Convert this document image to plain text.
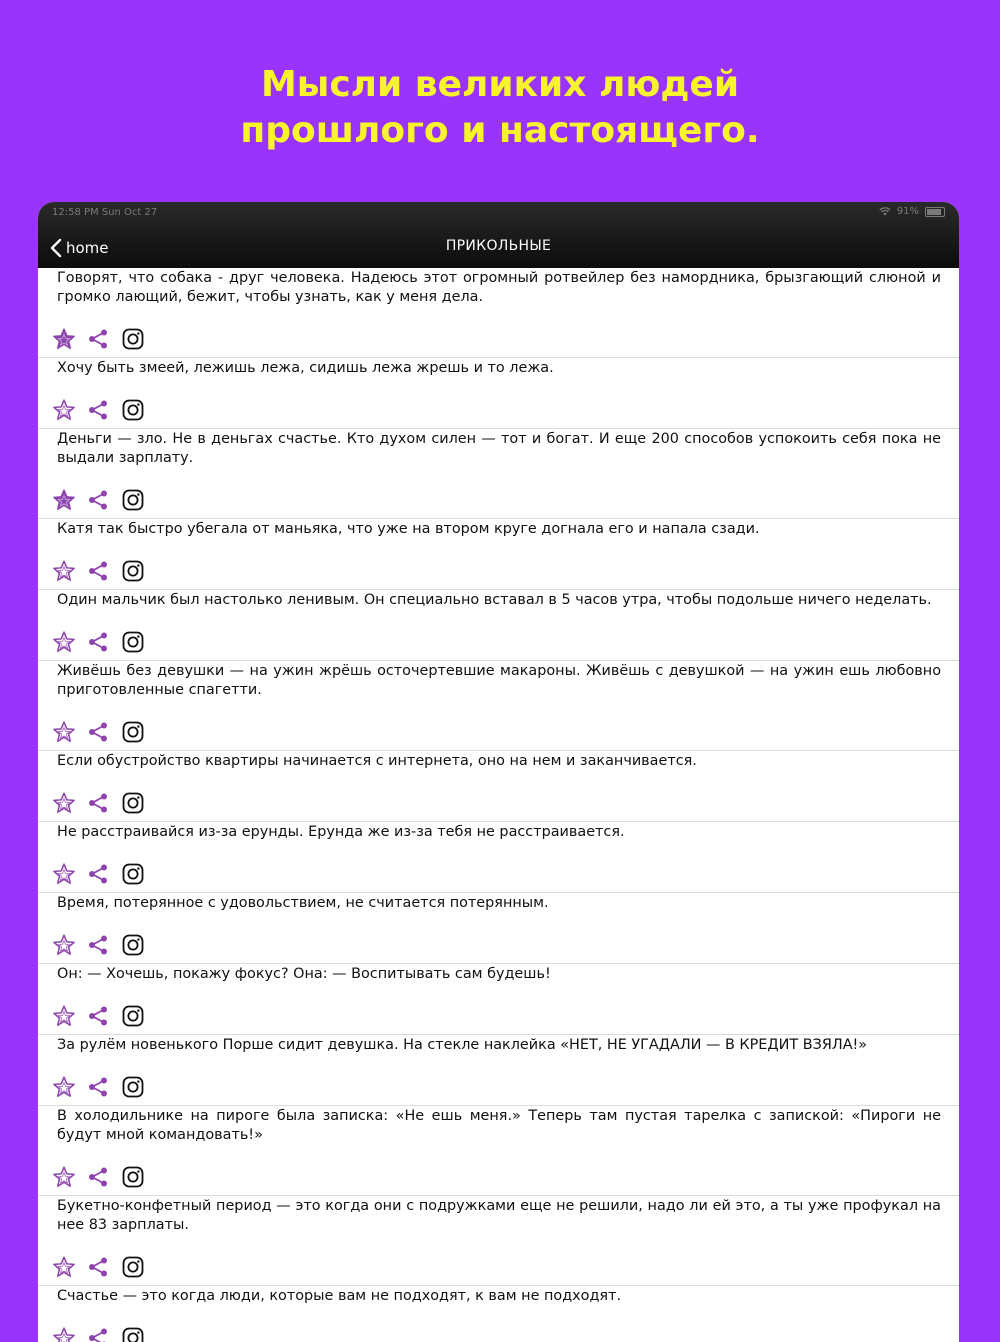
Мысли великих людей
прошлого и настоящего.
12:58 PM Sun Oct 27	91%
home	ПРИКОЛЬНЫЕ
Говорят, что собака - друг человека. Надеюсь этот огромный ротвейлер без намордника, брызгающий слюной и громко лающий, бежит, чтобы узнать, как у меня дела.
Хочу быть змеей, лежишь лежа, сидишь лежа жрешь и то лежа.
Деньги — зло. Не в деньгах счастье. Кто духом силен — тот и богат. И еще 200 способов успокоить себя пока не выдали зарплату.
Катя так быстро убегала от маньяка, что уже на втором круге догнала его и напала сзади.
Один мальчик был настолько ленивым. Он специально вставал в 5 часов утра, чтобы подольше ничего неделать.
Живёшь без девушки — на ужин жрёшь осточертевшие макароны. Живёшь с девушкой — на ужин ешь любовно приготовленные спагетти.
Если обустройство квартиры начинается с интернета, оно на нем и заканчивается.
Не расстраивайся из-за ерунды. Ерунда же из-за тебя не расстраивается.
Время, потерянное с удовольствием, не считается потерянным.
Он: — Хочешь, покажу фокус? Она: — Воспитывать сам будешь!
За рулём новенького Порше сидит девушка. На стекле наклейка «НЕТ, НЕ УГАДАЛИ — В КРЕДИТ ВЗЯЛА!»
В холодильнике на пироге была записка: «Не ешь меня.» Теперь там пустая тарелка с запиской: «Пироги не будут мной командовать!»
Букетно-конфетный период — это когда они с подружками еще не решили, надо ли ей это, а ты уже профукал на нее 83 зарплаты.
Счастье — это когда люди, которые вам не подходят, к вам не подходят.
